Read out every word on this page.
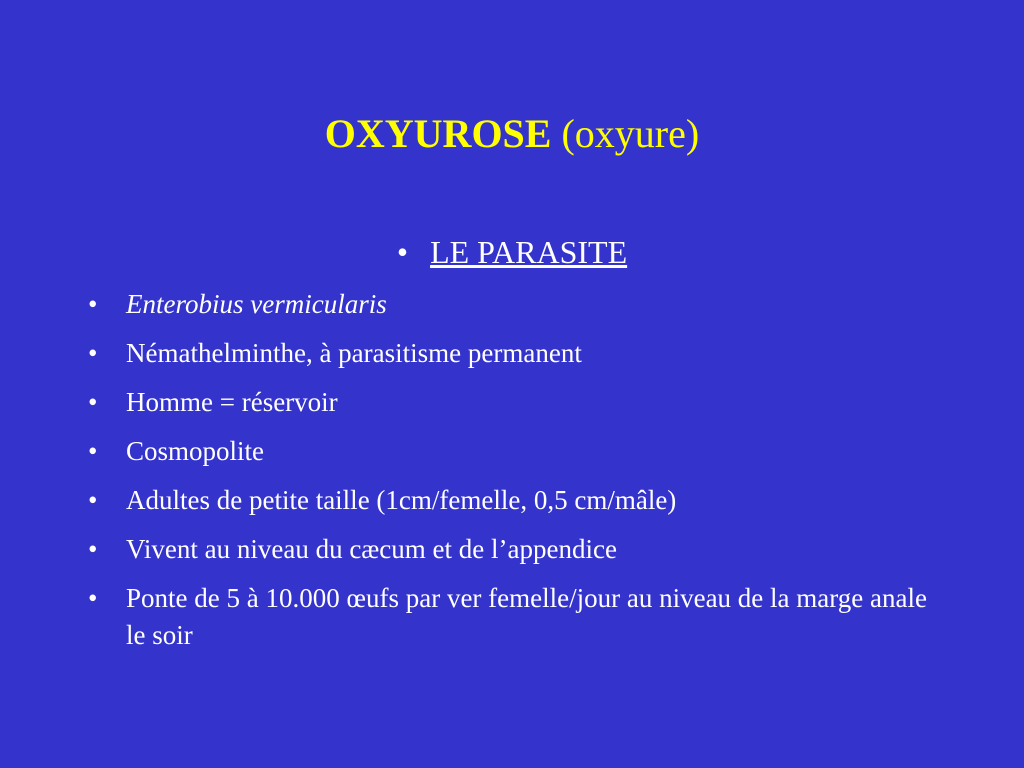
OXYUROSE (oxyure)
• LE PARASITE
• Enterobius vermicularis
• Némathelminthe, à parasitisme permanent
• Homme = réservoir
• Cosmopolite
• Adultes de petite taille (1cm/femelle, 0,5 cm/mâle)
• Vivent au niveau du cæcum et de l’appendice
• Ponte de 5 à 10.000 œufs par ver femelle/jour au niveau de la marge anale le soir
